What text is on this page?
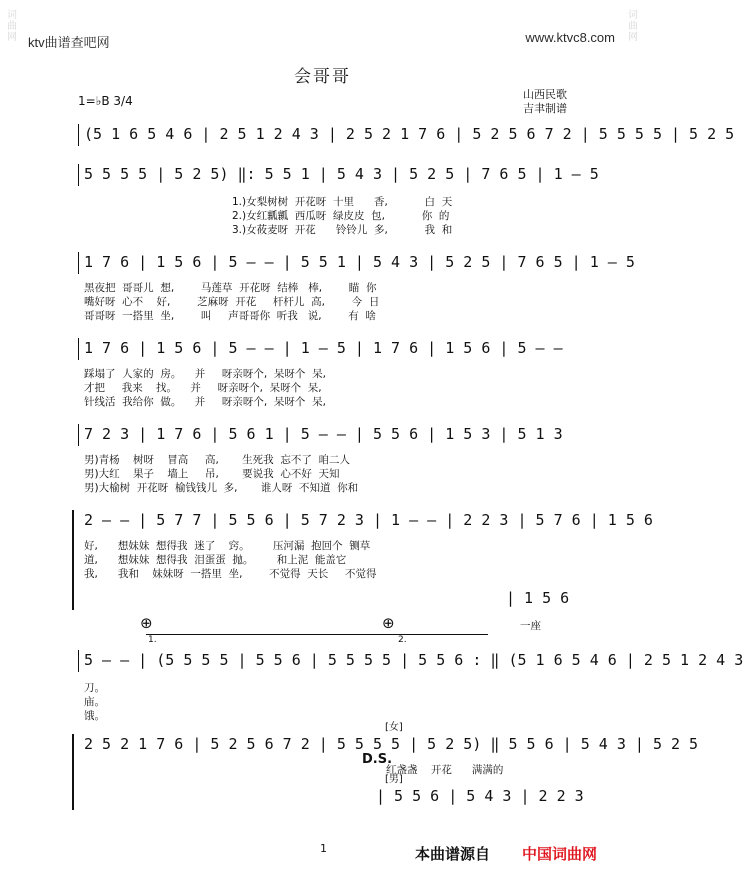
词
曲
网
词
曲
网
ktv曲谱查吧网	www.ktvc8.com
会哥哥
1=♭B 3/4	山西民歌
吉聿制谱
(5 1 6 5 4 6 | 2 5 1 2 4 3 | 2 5 2 1 7 6 | 5 2 5 6 7 2 | 5 5 5 5 | 5 2 5
5 5 5 5 | 5 2 5) ‖: 5 5 1 | 5 4 3 | 5 2 5 | 7 6 5 | 1 — 5
1.)女梨树树  开花呀  十里      香,           白  天
2.)女红瓤瓤  西瓜呀  绿皮皮  包,           你  的
3.)女莜麦呀  开花      铃铃儿  多,           我  和
1 7 6 | 1 5 6 | 5 — — | 5 5 1 | 5 4 3 | 5 2 5 | 7 6 5 | 1 — 5
黑夜把  哥哥儿  想,        马莲草  开花呀  结棒   棒,        瞄  你
嘴好呀  心不    好,        芝麻呀  开花     杆杆儿  高,        今  日
哥哥呀  一搭里  坐,        叫     声哥哥你  听我   说,        有  啥
1 7 6 | 1 5 6 | 5 — — | 1 — 5 | 1 7 6 | 1 5 6 | 5 — —
踩塌了  人家的  房。    并     呀亲呀个,  呆呀个  呆,
才把     我来    找。    并     呀亲呀个,  呆呀个  呆,
针线活  我给你  做。    并     呀亲呀个,  呆呀个  呆,
7 2 3 | 1 7 6 | 5 6 1 | 5 — — | 5 5 6 | 1 5 3 | 5 1 3
男)青杨    树呀    冒高     高,       生死我  忘不了  咱二人
男)大红    果子    墙上     吊,       要说我  心不好  天知
男)大榆树  开花呀  榆钱钱儿  多,       谁人呀  不知道  你和
2 — — | 5 7 7 | 5 5 6 | 5 7 2 3 | 1 — — | 2 2 3 | 5 7 6 | 1 5 6
好,      想妹妹  想得我  迷了    窍。       压河漏  抱回个  铡草
道,      想妹妹  想得我  泪蛋蛋  抛。       和上泥  能盖它
我,      我和    妹妹呀  一搭里  坐,        不觉得  天长     不觉得
| 1 5 6
一座
⊕	⊕
1.	2.
5 — — | (5 5 5 5 | 5 5 6 | 5 5 5 5 | 5 5 6 : ‖ (5 1 6 5 4 6 | 2 5 1 2 4 3
刀。
庙。
饿。
[女]
2 5 2 1 7 6 | 5 2 5 6 7 2 | 5 5 5 5 | 5 2 5) ‖ 5 5 6 | 5 4 3 | 5 2 5
D.S.
红盏盏    开花      满满的
[男]
| 5 5 6 | 5 4 3 | 2 2 3
1	本曲谱源自 中国词曲网
